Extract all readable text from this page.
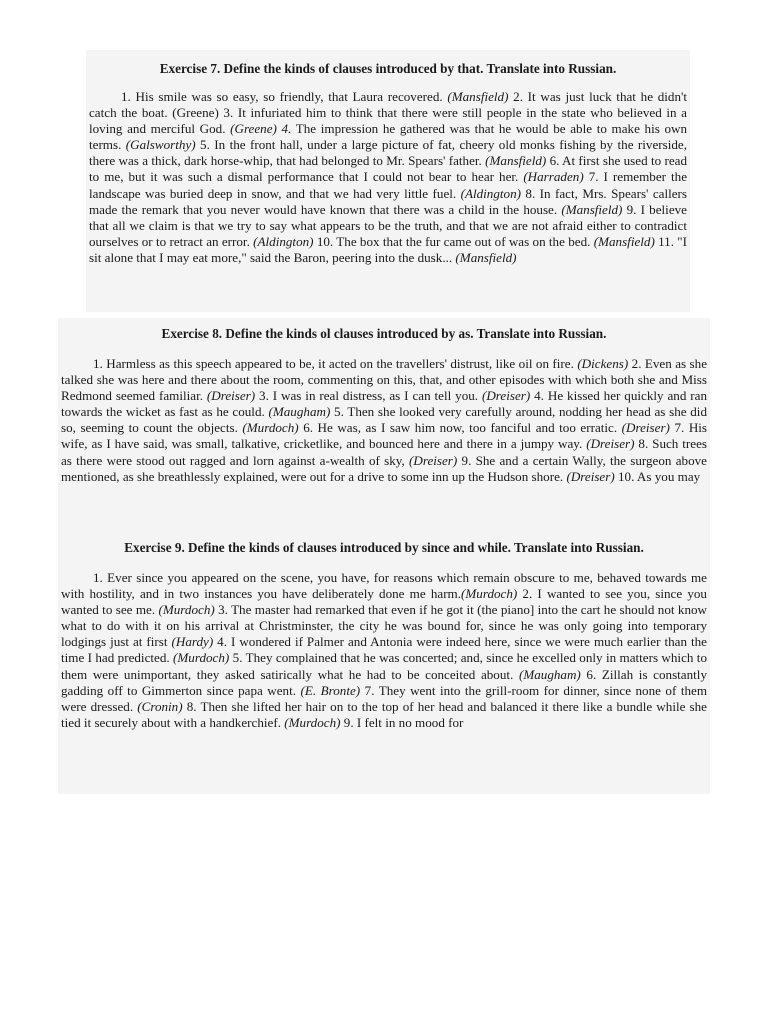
Exercise 7. Define the kinds of clauses introduced by that. Translate into Russian.

1. His smile was so easy, so friendly, that Laura recovered. (Mansfield) 2. It was just luck that he didn't catch the boat. (Greene) 3. It infuriated him to think that there were still people in the state who believed in a loving and merciful God. (Greene) 4. The impression he gathered was that he would be able to make his own terms. (Galsworthy) 5. In the front hall, under a large picture of fat, cheery old monks fishing by the riverside, there was a thick, dark horse-whip, that had belonged to Mr. Spears' father. (Mansfield) 6. At first she used to read to me, but it was such a dismal performance that I could not bear to hear her. (Harraden) 7. I remember the landscape was buried deep in snow, and that we had very little fuel. (Aldington) 8. In fact, Mrs. Spears' callers made the remark that you never would have known that there was a child in the house. (Mansfield) 9. I believe that all we claim is that we try to say what appears to be the truth, and that we are not afraid either to contradict ourselves or to retract an error. (Aldington) 10. The box that the fur came out of was on the bed. (Mansfield) 11. "I sit alone that I may eat more," said the Baron, peering into the dusk... (Mansfield)

Exercise 8. Define the kinds ol clauses introduced by as. Translate into Russian.

1. Harmless as this speech appeared to be, it acted on the travellers' distrust, like oil on fire. (Dickens) 2. Even as she talked she was here and there about the room, commenting on this, that, and other episodes with which both she and Miss Redmond seemed familiar. (Dreiser) 3. I was in real distress, as I can tell you. (Dreiser) 4. He kissed her quickly and ran towards the wicket as fast as he could. (Maugham) 5. Then she looked very carefully around, nodding her head as she did so, seeming to count the objects. (Murdoch) 6. He was, as I saw him now, too fanciful and too erratic. (Dreiser) 7. His wife, as I have said, was small, talkative, cricketlike, and bounced here and there in a jumpy way. (Dreiser) 8. Such trees as there were stood out ragged and lorn against a-wealth of sky, (Dreiser) 9. She and a certain Wally, the surgeon above mentioned, as she breathlessly explained, were out for a drive to some inn up the Hudson shore. (Dreiser) 10. As you may

Exercise 9. Define the kinds of clauses introduced by since and while. Translate into Russian.

1. Ever since you appeared on the scene, you have, for reasons which remain obscure to me, behaved towards me with hostility, and in two instances you have deliberately done me harm.(Murdoch) 2. I wanted to see you, since you wanted to see me. (Murdoch) 3. The master had remarked that even if he got it (the piano] into the cart he should not know what to do with it on his arrival at Christminster, the city he was bound for, since he was only going into temporary lodgings just at first (Hardy) 4. I wondered if Palmer and Antonia were indeed here, since we were much earlier than the time I had predicted. (Murdoch) 5. They complained that he was concerted; and, since he excelled only in matters which to them were unimportant, they asked satirically what he had to be conceited about. (Maugham) 6. Zillah is constantly gadding off to Gimmerton since papa went. (E. Bronte) 7. They went into the grill-room for dinner, since none of them were dressed. (Cronin) 8. Then she lifted her hair on to the top of her head and balanced it there like a bundle while she tied it securely about with a handkerchief. (Murdoch) 9. I felt in no mood for
